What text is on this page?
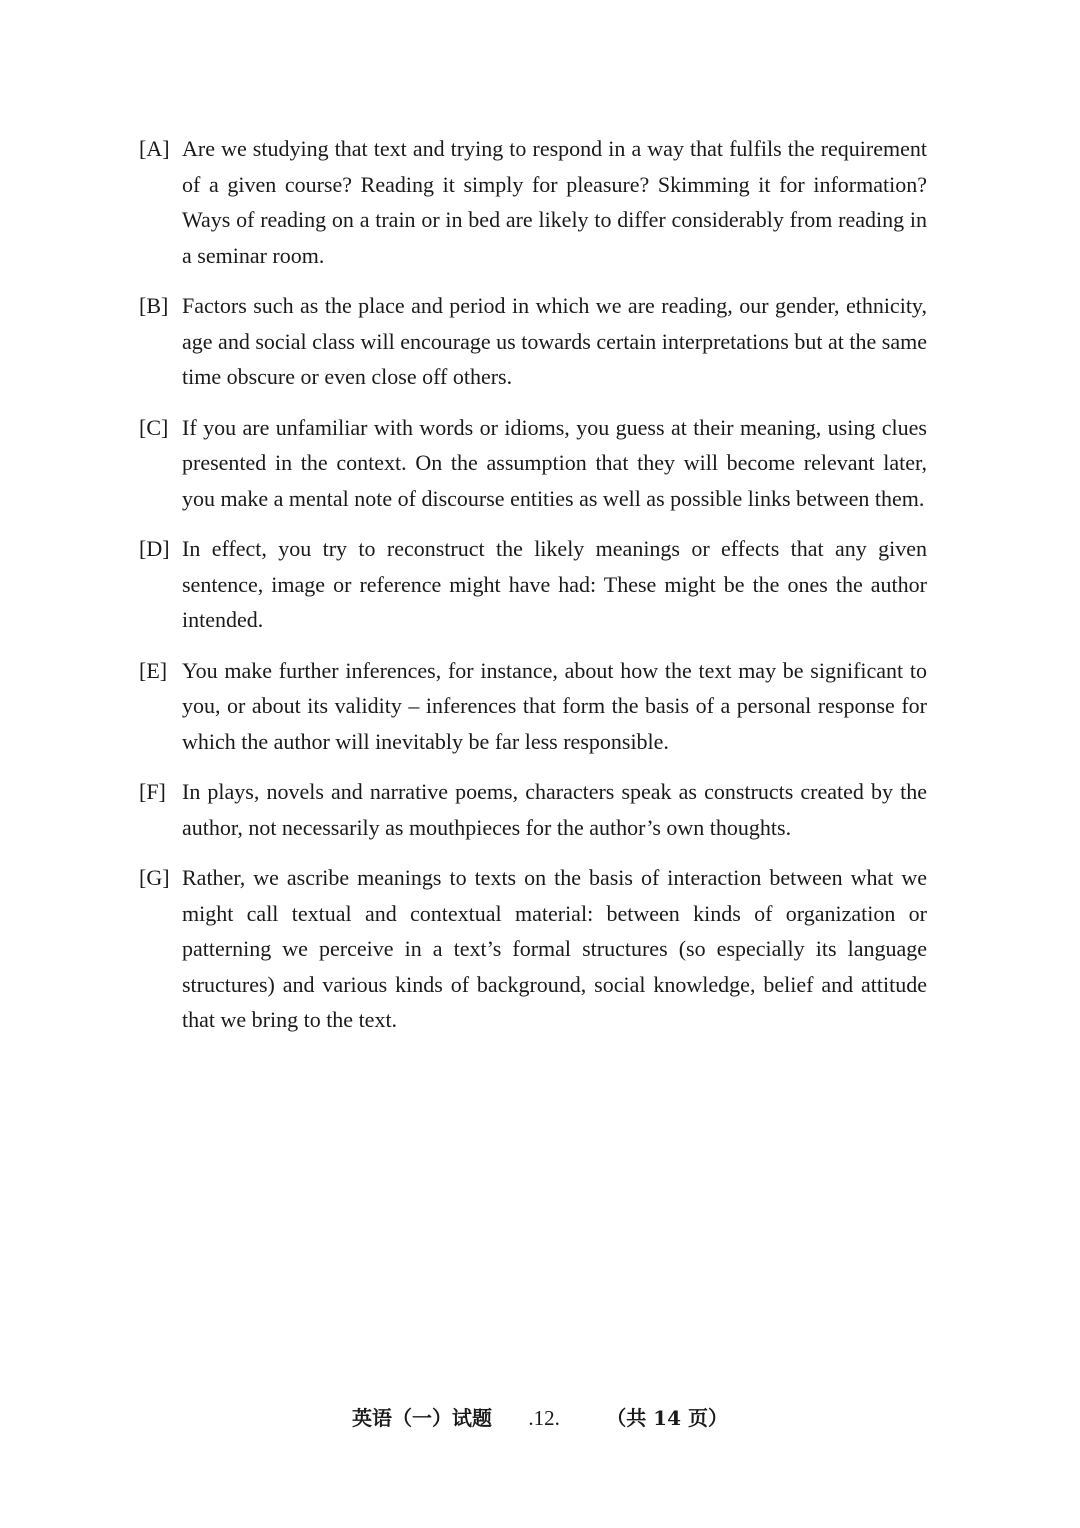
[A] Are we studying that text and trying to respond in a way that fulfils the requirement of a given course? Reading it simply for pleasure? Skimming it for information? Ways of reading on a train or in bed are likely to differ considerably from reading in a seminar room.
[B] Factors such as the place and period in which we are reading, our gender, ethnicity, age and social class will encourage us towards certain interpretations but at the same time obscure or even close off others.
[C] If you are unfamiliar with words or idioms, you guess at their meaning, using clues presented in the context. On the assumption that they will become relevant later, you make a mental note of discourse entities as well as possible links between them.
[D] In effect, you try to reconstruct the likely meanings or effects that any given sentence, image or reference might have had: These might be the ones the author intended.
[E] You make further inferences, for instance, about how the text may be significant to you, or about its validity – inferences that form the basis of a personal response for which the author will inevitably be far less responsible.
[F] In plays, novels and narrative poems, characters speak as constructs created by the author, not necessarily as mouthpieces for the author’s own thoughts.
[G] Rather, we ascribe meanings to texts on the basis of interaction between what we might call textual and contextual material: between kinds of organization or patterning we perceive in a text’s formal structures (so especially its language structures) and various kinds of background, social knowledge, belief and attitude that we bring to the text.
英语（一）试题 .12. （共 14 页）
